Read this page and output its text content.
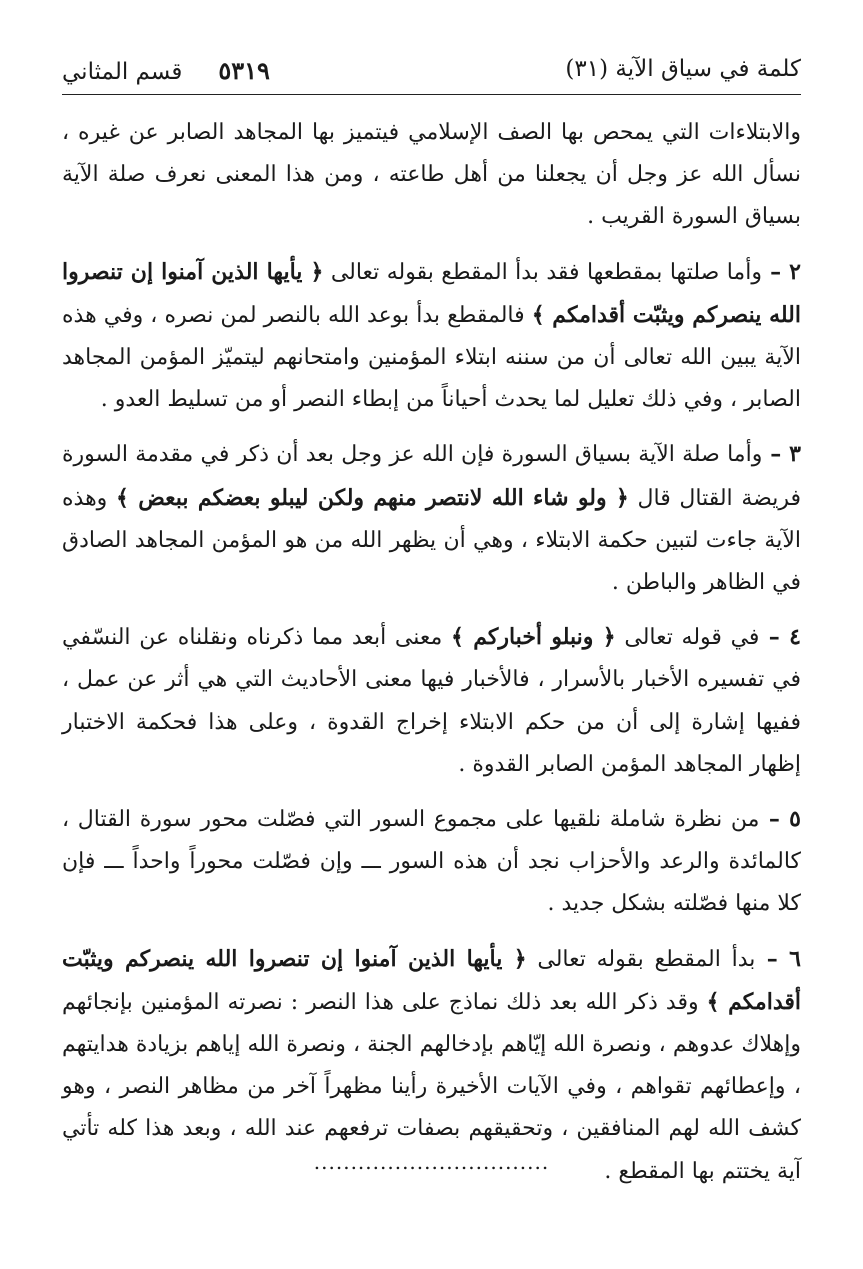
كلمة في سياق الآية (٣١)
٥٣١٩
قسم المثاني

والابتلاءات التي يمحص بها الصف الإسلامي فيتميز بها المجاهد الصابر عن غيره ، نسأل الله عز وجل أن يجعلنا من أهل طاعته ، ومن هذا المعنى نعرف صلة الآية بسياق السورة القريب .

٢ – وأما صلتها بمقطعها فقد بدأ المقطع بقوله تعالى ﴿ يأيها الذين آمنوا إن تنصروا الله ينصركم ويثبّت أقدامكم ﴾ فالمقطع بدأ بوعد الله بالنصر لمن نصره ، وفي هذه الآية يبين الله تعالى أن من سننه ابتلاء المؤمنين وامتحانهم ليتميّز المؤمن المجاهد الصابر ، وفي ذلك تعليل لما يحدث أحياناً من إبطاء النصر أو من تسليط العدو .

٣ – وأما صلة الآية بسياق السورة فإن الله عز وجل بعد أن ذكر في مقدمة السورة فريضة القتال قال ﴿ ولو شاء الله لانتصر منهم ولكن ليبلو بعضكم ببعض ﴾ وهذه الآية جاءت لتبين حكمة الابتلاء ، وهي أن يظهر الله من هو المؤمن المجاهد الصادق في الظاهر والباطن .

٤ – في قوله تعالى ﴿ ونبلو أخباركم ﴾ معنى أبعد مما ذكرناه ونقلناه عن النسّفي في تفسيره الأخبار بالأسرار ، فالأخبار فيها معنى الأحاديث التي هي أثر عن عمل ، ففيها إشارة إلى أن من حكم الابتلاء إخراج القدوة ، وعلى هذا فحكمة الاختبار إظهار المجاهد المؤمن الصابر القدوة .

٥ – من نظرة شاملة نلقيها على مجموع السور التي فصّلت محور سورة القتال ، كالمائدة والرعد والأحزاب نجد أن هذه السور ـــ وإن فصّلت محوراً واحداً ـــ فإن كلا منها فصّلته بشكل جديد .

٦ – بدأ المقطع بقوله تعالى ﴿ يأيها الذين آمنوا إن تنصروا الله ينصركم ويثبّت أقدامكم ﴾ وقد ذكر الله بعد ذلك نماذج على هذا النصر : نصرته المؤمنين بإنجائهم وإهلاك عدوهم ، ونصرة الله إيّاهم بإدخالهم الجنة ، ونصرة الله إياهم بزيادة هدايتهم ، وإعطائهم تقواهم ، وفي الآيات الأخيرة رأينا مظهراً آخر من مظاهر النصر ، وهو كشف الله لهم المنافقين ، وتحقيقهم بصفات ترفعهم عند الله ، وبعد هذا كله تأتي آية يختتم بها المقطع .

................................
